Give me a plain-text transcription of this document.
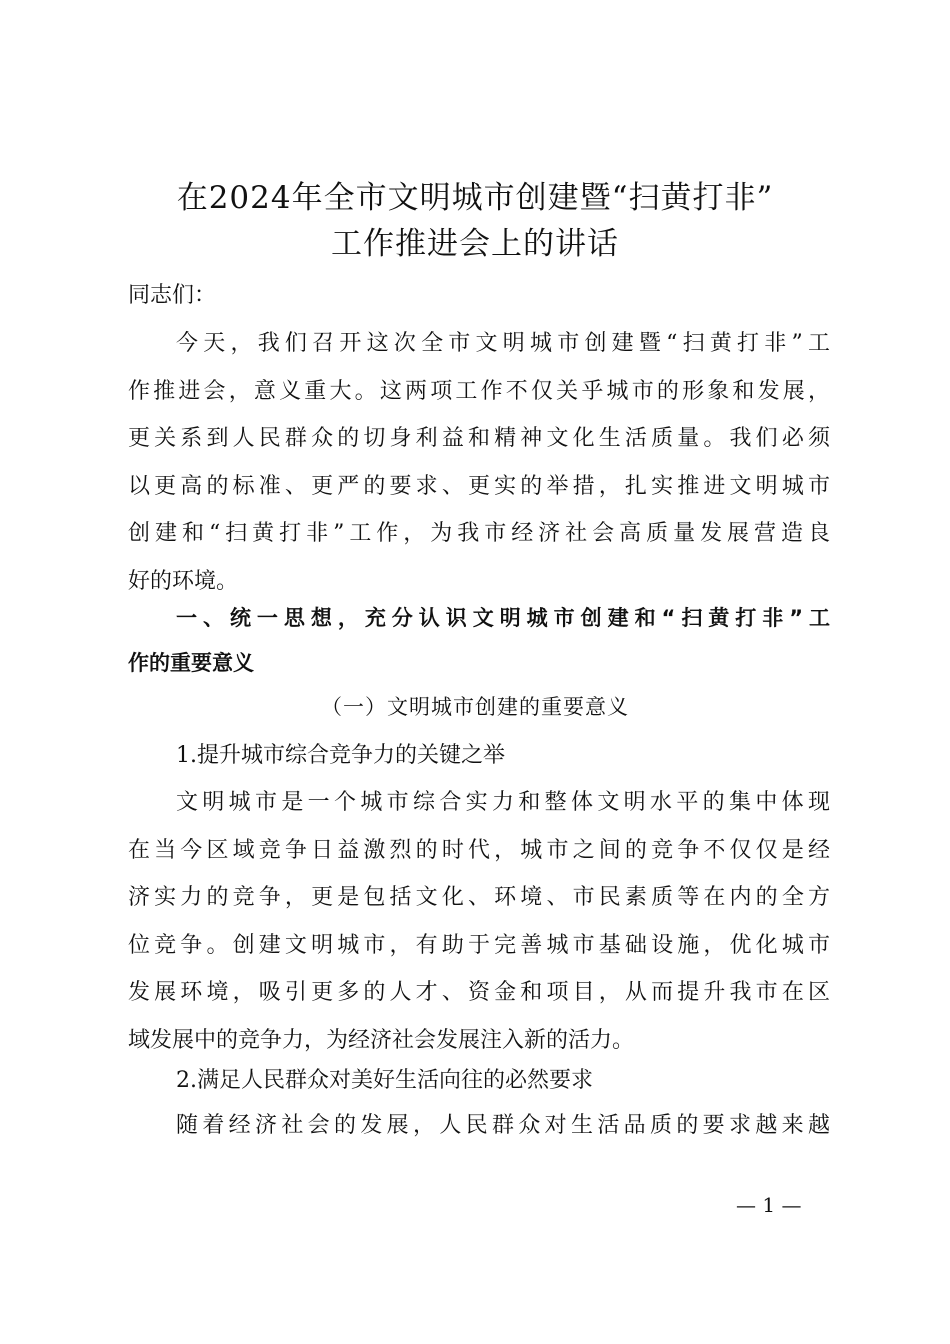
在2024年全市文明城市创建暨“扫黄打非”
工作推进会上的讲话
同志们：
今天，我们召开这次全市文明城市创建暨“扫黄打非”工
作推进会，意义重大。这两项工作不仅关乎城市的形象和发展，
更关系到人民群众的切身利益和精神文化生活质量。我们必须
以更高的标准、更严的要求、更实的举措，扎实推进文明城市
创建和“扫黄打非”工作，为我市经济社会高质量发展营造良
好的环境。
一、统一思想，充分认识文明城市创建和“扫黄打非”工
作的重要意义
（一）文明城市创建的重要意义
1.提升城市综合竞争力的关键之举
文明城市是一个城市综合实力和整体文明水平的集中体现
在当今区域竞争日益激烈的时代，城市之间的竞争不仅仅是经
济实力的竞争，更是包括文化、环境、市民素质等在内的全方
位竞争。创建文明城市，有助于完善城市基础设施，优化城市
发展环境，吸引更多的人才、资金和项目，从而提升我市在区
域发展中的竞争力，为经济社会发展注入新的活力。
2.满足人民群众对美好生活向往的必然要求
随着经济社会的发展，人民群众对生活品质的要求越来越
— 1 —
